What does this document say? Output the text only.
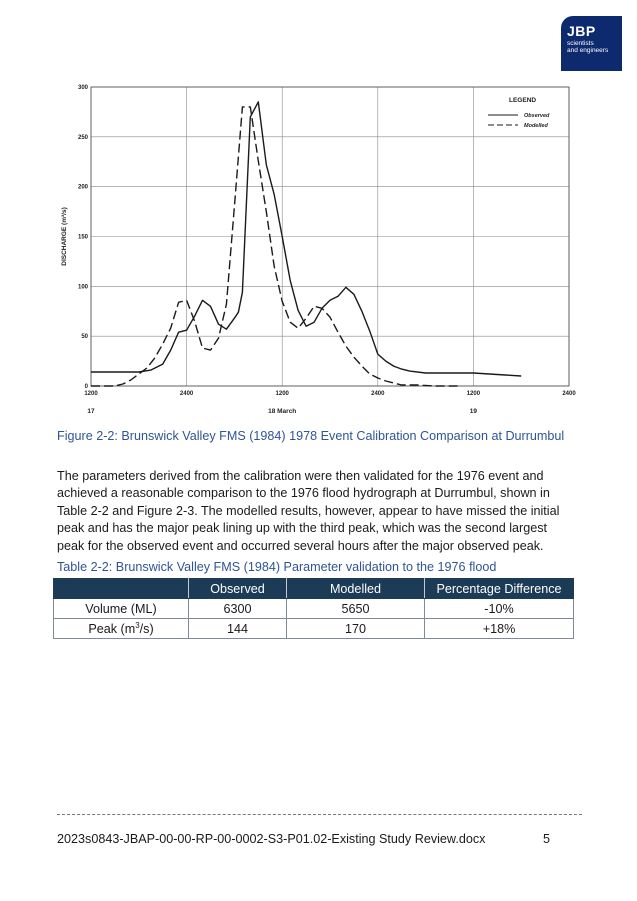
JBP
scientists
and engineers
0
50
100
150
200
250
300
1200	2400	1200	2400	1200	2400
17	18 March	19
DISCHARGE (m³/s)
LEGEND
Observed
Modelled
Figure 2-2: Brunswick Valley FMS (1984) 1978 Event Calibration Comparison at Durrumbul

The parameters derived from the calibration were then validated for the 1976 event and

achieved a reasonable comparison to the 1976 flood hydrograph at Durrumbul, shown in

Table 2-2 and Figure 2-3. The modelled results, however, appear to have missed the initial

peak and has the major peak lining up with the third peak, which was the second largest

peak for the observed event and occurred several hours after the major observed peak.

Table 2-2: Brunswick Valley FMS (1984) Parameter validation to the 1976 flood
	Observed	Modelled	Percentage Difference
Volume (ML)	6300	5650	-10%
Peak $(m^3/s)$	144	170	+18%
2023s0843-JBAP-00-00-RP-00-0002-S3-P01.02-Existing Study Review.docx	5
